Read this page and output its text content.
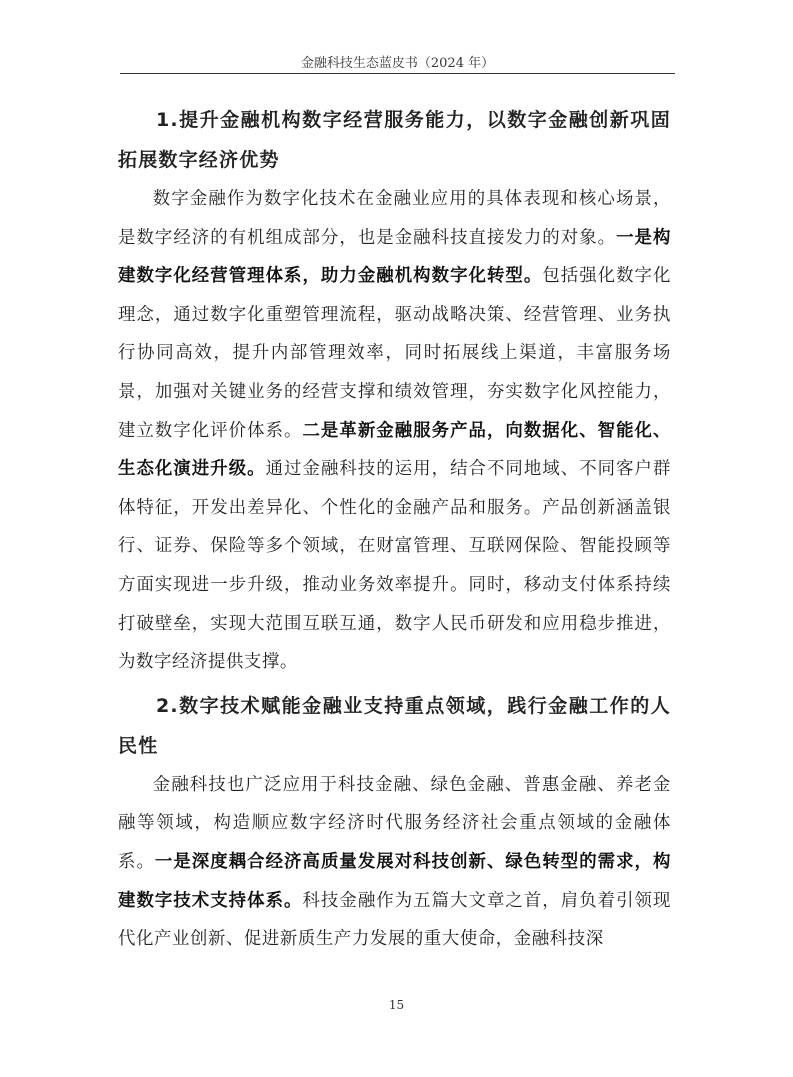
金融科技生态蓝皮书（2024 年）
1.提升金融机构数字经营服务能力，以数字金融创新巩固拓展数字经济优势

数字金融作为数字化技术在金融业应用的具体表现和核心场景，是数字经济的有机组成部分，也是金融科技直接发力的对象。一是构建数字化经营管理体系，助力金融机构数字化转型。包括强化数字化理念，通过数字化重塑管理流程，驱动战略决策、经营管理、业务执行协同高效，提升内部管理效率，同时拓展线上渠道，丰富服务场景，加强对关键业务的经营支撑和绩效管理，夯实数字化风控能力，建立数字化评价体系。二是革新金融服务产品，向数据化、智能化、生态化演进升级。通过金融科技的运用，结合不同地域、不同客户群体特征，开发出差异化、个性化的金融产品和服务。产品创新涵盖银行、证券、保险等多个领域，在财富管理、互联网保险、智能投顾等方面实现进一步升级，推动业务效率提升。同时，移动支付体系持续打破壁垒，实现大范围互联互通，数字人民币研发和应用稳步推进，为数字经济提供支撑。

2.数字技术赋能金融业支持重点领域，践行金融工作的人民性

金融科技也广泛应用于科技金融、绿色金融、普惠金融、养老金融等领域，构造顺应数字经济时代服务经济社会重点领域的金融体系。一是深度耦合经济高质量发展对科技创新、绿色转型的需求，构建数字技术支持体系。科技金融作为五篇大文章之首，肩负着引领现代化产业创新、促进新质生产力发展的重大使命，金融科技深

15
